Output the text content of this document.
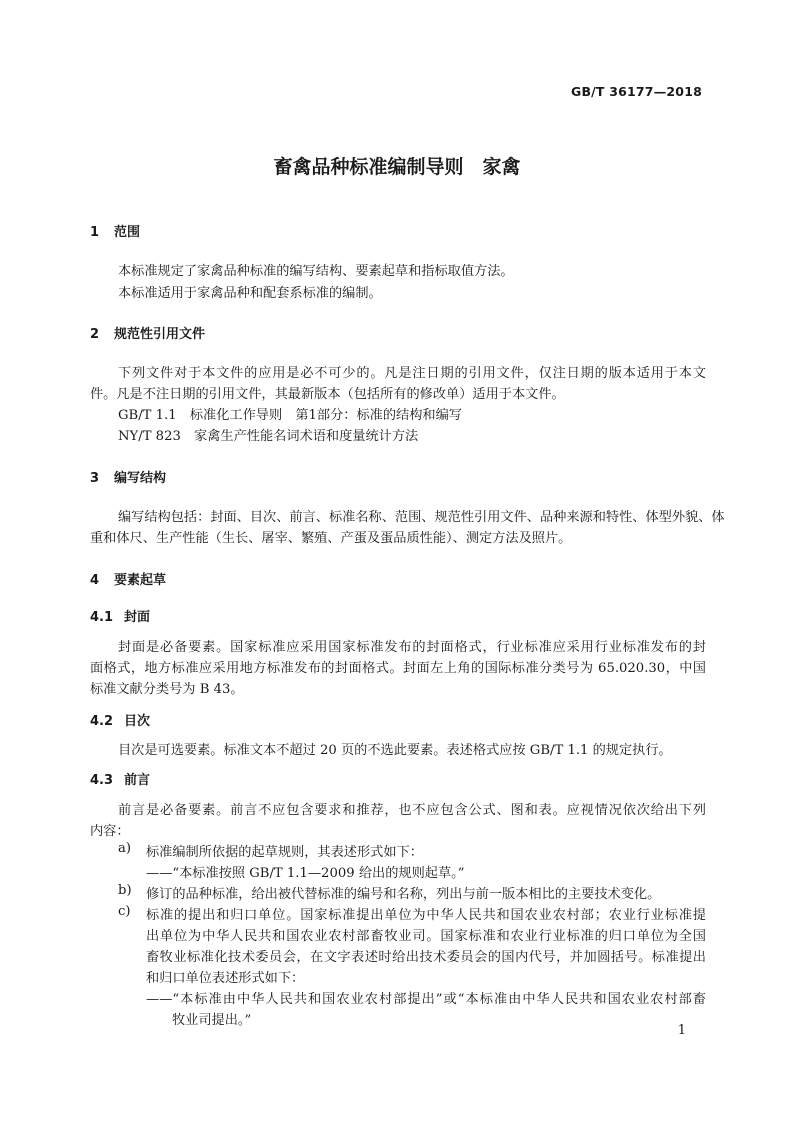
GB/T 36177—2018
畜禽品种标准编制导则　家禽
1 范围
本标准规定了家禽品种标准的编写结构、要素起草和指标取值方法。
本标准适用于家禽品种和配套系标准的编制。
2 规范性引用文件
下列文件对于本文件的应用是必不可少的。凡是注日期的引用文件，仅注日期的版本适用于本文
件。凡是不注日期的引用文件，其最新版本（包括所有的修改单）适用于本文件。
GB/T 1.1　标准化工作导则　第1部分：标准的结构和编写
NY/T 823　家禽生产性能名词术语和度量统计方法
3 编写结构
编写结构包括：封面、目次、前言、标准名称、范围、规范性引用文件、品种来源和特性、体型外貌、体
重和体尺、生产性能（生长、屠宰、繁殖、产蛋及蛋品质性能）、测定方法及照片。
4 要素起草
4.1 封面
封面是必备要素。国家标准应采用国家标准发布的封面格式，行业标准应采用行业标准发布的封
面格式，地方标准应采用地方标准发布的封面格式。封面左上角的国际标准分类号为 65.020.30，中国
标准文献分类号为 B 43。
4.2 目次
目次是可选要素。标准文本不超过 20 页的不选此要素。表述格式应按 GB/T 1.1 的规定执行。
4.3 前言
前言是必备要素。前言不应包含要求和推荐，也不应包含公式、图和表。应视情况依次给出下列
内容：
a) 标准编制所依据的起草规则，其表述形式如下：
——“本标准按照 GB/T 1.1—2009 给出的规则起草。”
b) 修订的品种标准，给出被代替标准的编号和名称，列出与前一版本相比的主要技术变化。
c) 标准的提出和归口单位。国家标准提出单位为中华人民共和国农业农村部；农业行业标准提
出单位为中华人民共和国农业农村部畜牧业司。国家标准和农业行业标准的归口单位为全国
畜牧业标准化技术委员会，在文字表述时给出技术委员会的国内代号，并加圆括号。标准提出
和归口单位表述形式如下：
——“本标准由中华人民共和国农业农村部提出”或“本标准由中华人民共和国农业农村部畜
牧业司提出。”
1
